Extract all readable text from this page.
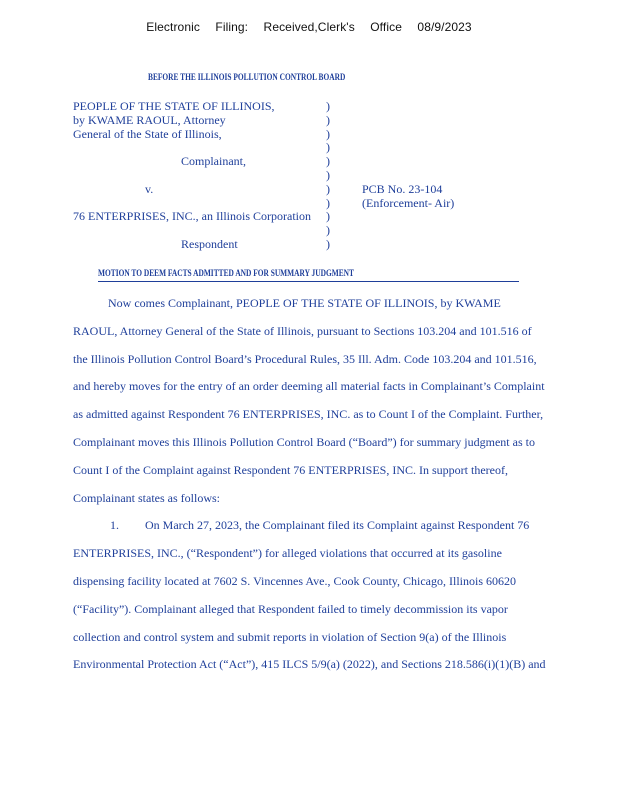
Electronic Filing: Received,Clerk's Office 08/9/2023
BEFORE THE ILLINOIS POLLUTION CONTROL BOARD
PEOPLE OF THE STATE OF ILLINOIS,
by KWAME RAOUL, Attorney
General of the State of Illinois,
Complainant,
v.
76 ENTERPRISES, INC., an Illinois Corporation
Respondent
)
)
)
)
)
)
)
)
)
)
)
PCB No. 23-104
(Enforcement- Air)
MOTION TO DEEM FACTS ADMITTED AND FOR SUMMARY JUDGMENT
Now comes Complainant, PEOPLE OF THE STATE OF ILLINOIS, by KWAME
RAOUL, Attorney General of the State of Illinois, pursuant to Sections 103.204 and 101.516 of
the Illinois Pollution Control Board’s Procedural Rules, 35 Ill. Adm. Code 103.204 and 101.516,
and hereby moves for the entry of an order deeming all material facts in Complainant’s Complaint
as admitted against Respondent 76 ENTERPRISES, INC. as to Count I of the Complaint. Further,
Complainant moves this Illinois Pollution Control Board (“Board”) for summary judgment as to
Count I of the Complaint against Respondent 76 ENTERPRISES, INC. In support thereof,
Complainant states as follows:
1. On March 27, 2023, the Complainant filed its Complaint against Respondent 76
ENTERPRISES, INC., (“Respondent”) for alleged violations that occurred at its gasoline
dispensing facility located at 7602 S. Vincennes Ave., Cook County, Chicago, Illinois 60620
(“Facility”). Complainant alleged that Respondent failed to timely decommission its vapor
collection and control system and submit reports in violation of Section 9(a) of the Illinois
Environmental Protection Act (“Act”), 415 ILCS 5/9(a) (2022), and Sections 218.586(i)(1)(B) and
